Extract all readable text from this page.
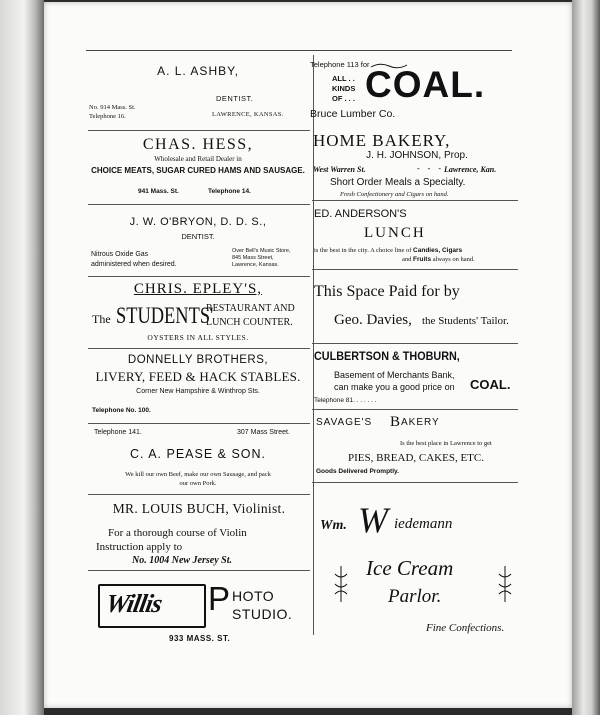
A. L. ASHBY,
DENTIST.
No. 914 Mass. St.
Telephone 16.	LAWRENCE, KANSAS.
CHAS. HESS,
Wholesale and Retail Dealer in
CHOICE MEATS, SUGAR CURED HAMS AND SAUSAGE.
941 Mass. St.	Telephone 14.
J. W. O'BRYON, D. D. S.,
DENTIST.
Nitrous Oxide Gas
administered when desired.
Over Bell's Music Store,
845 Mass Street,
Lawrence, Kansas.
CHRIS. EPLEY'S,
The STUDENTS'
RESTAURANT AND
LUNCH COUNTER.
OYSTERS IN ALL STYLES.
DONNELLY BROTHERS,
LIVERY, FEED & HACK STABLES.
Corner New Hampshire & Winthrop Sts.
Telephone No. 100.
Telephone 141.	307 Mass Street.
C. A. PEASE & SON.
We kill our own Beef, make our own Sausage, and pack
our own Pork.
MR. LOUIS BUCH, Violinist.
For a thorough course of Violin
Instruction apply to
No. 1004 New Jersey St.
Willis P HOTO
STUDIO.
933 MASS. ST.
Telephone 113 for
ALL . .
KINDS
OF . . . COAL.
Bruce Lumber Co.
HOME BAKERY,
J. H. JOHNSON, Prop.
West Warren St.	-    -    - Lawrence, Kan.
Short Order Meals a Specialty.
Fresh Confectionery and Cigars on hand.
ED. ANDERSON'S
LUNCH
is the best in the city. A choice line of Candies, Cigars
and Fruits always on hand.
This Space Paid for by
Geo. Davies, the Students' Tailor.
CULBERTSON & THOBURN,
Basement of Merchants Bank,
can make you a good price on COAL.
Telephone 81. . . . . . .
SAVAGE'S B AKERY
Is the best place in Lawrence to get
PIES, BREAD, CAKES, ETC.
Goods Delivered Promptly.
Wm. W iedemann
Ice Cream
Parlor.
Fine Confections.
